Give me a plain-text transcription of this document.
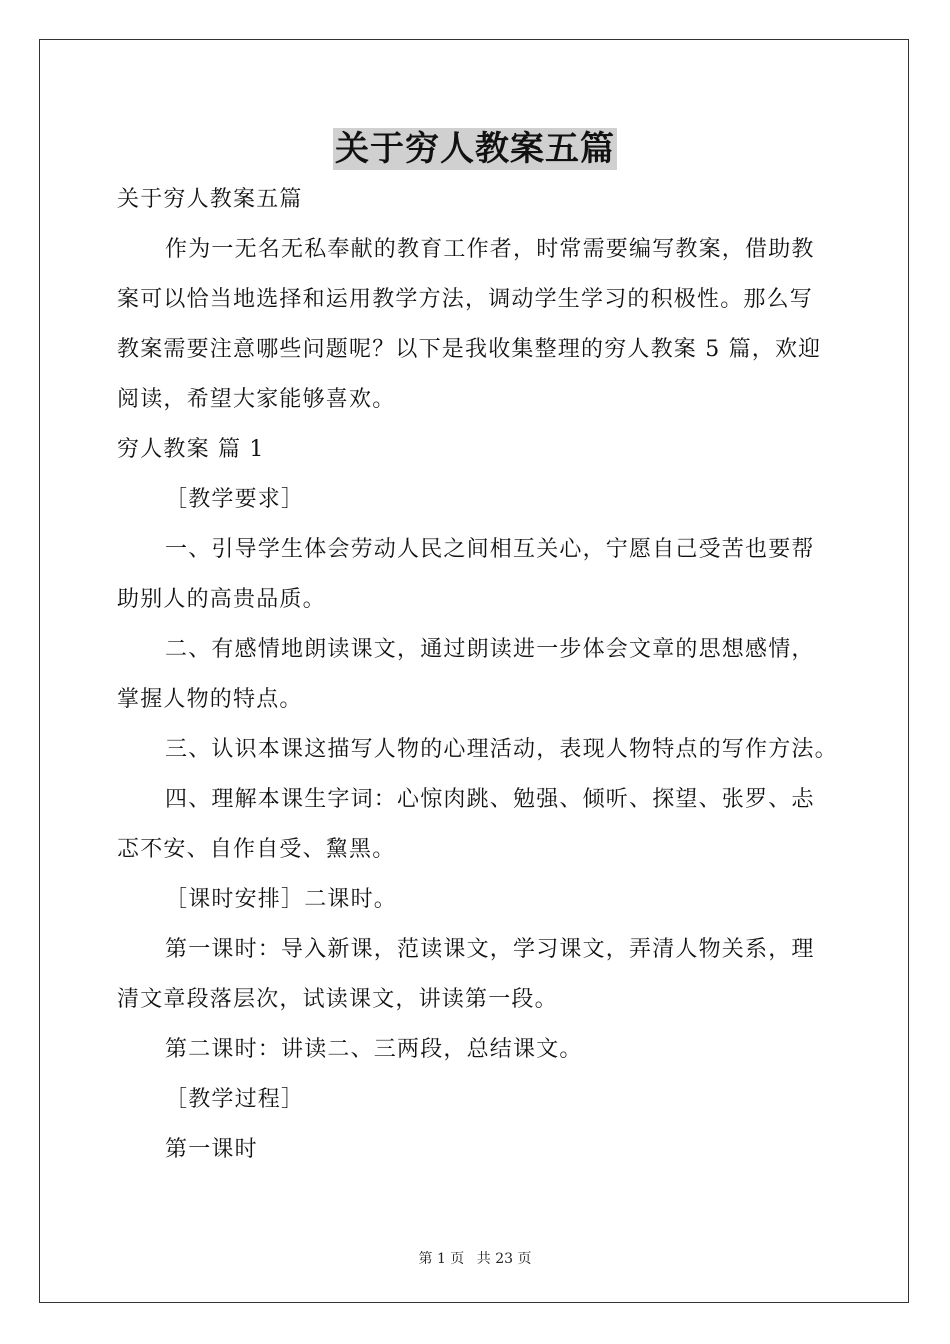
关于穷人教案五篇
关于穷人教案五篇
作为一无名无私奉献的教育工作者，时常需要编写教案，借助教
案可以恰当地选择和运用教学方法，调动学生学习的积极性。那么写
教案需要注意哪些问题呢？以下是我收集整理的穷人教案 5 篇，欢迎
阅读，希望大家能够喜欢。
穷人教案 篇 1
［教学要求］
一、引导学生体会劳动人民之间相互关心，宁愿自己受苦也要帮
助别人的高贵品质。
二、有感情地朗读课文，通过朗读进一步体会文章的思想感情，
掌握人物的特点。
三、认识本课这描写人物的心理活动，表现人物特点的写作方法。
四、理解本课生字词：心惊肉跳、勉强、倾听、探望、张罗、忐
忑不安、自作自受、黧黑。
［课时安排］二课时。
第一课时：导入新课，范读课文，学习课文，弄清人物关系，理
清文章段落层次，试读课文，讲读第一段。
第二课时：讲读二、三两段，总结课文。
［教学过程］
第一课时
第 1 页 共 23 页
